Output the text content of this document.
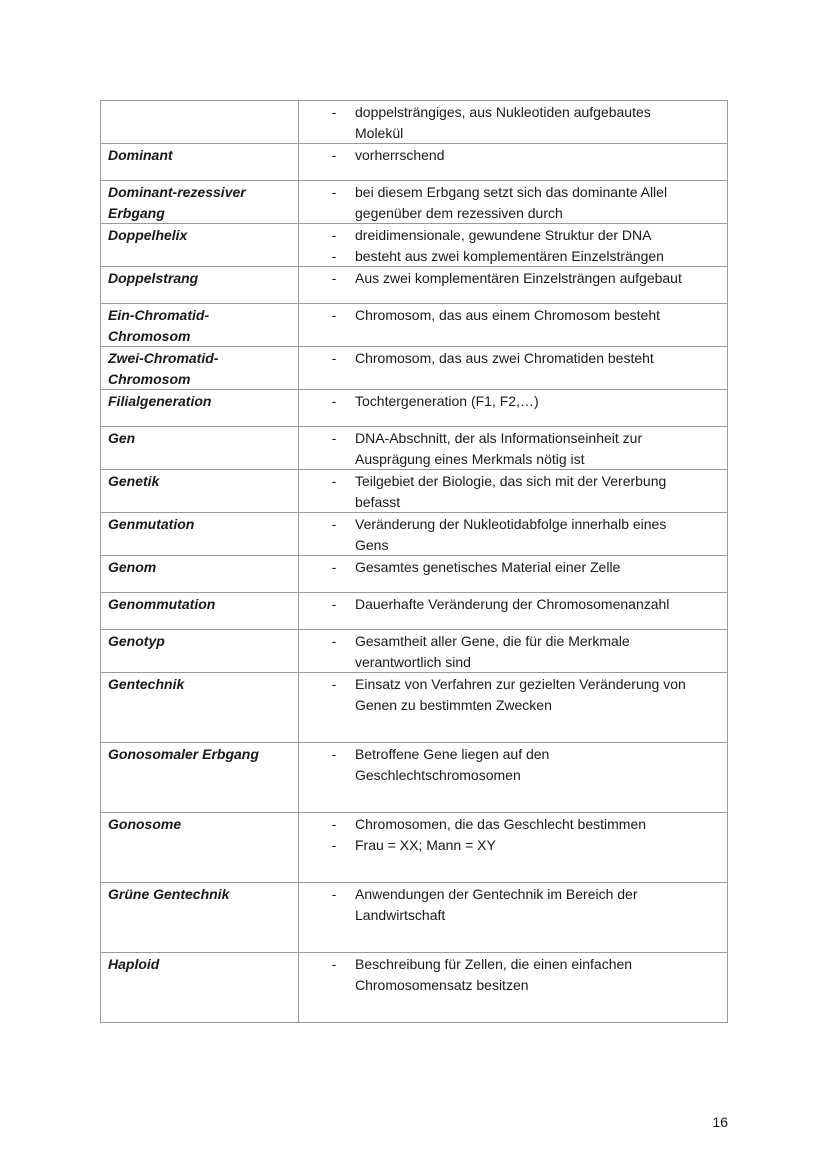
	- doppelsträngiges, aus Nukleotiden aufgebautes
Molekül

Dominant	- vorherrschend

Dominant-rezessiver
Erbgang	- bei diesem Erbgang setzt sich das dominante Allel
gegenüber dem rezessiven durch

Doppelhelix	- dreidimensionale, gewundene Struktur der DNA
- besteht aus zwei komplementären Einzelsträngen

Doppelstrang	- Aus zwei komplementären Einzelsträngen aufgebaut

Ein-Chromatid-
Chromosom	- Chromosom, das aus einem Chromosom besteht

Zwei-Chromatid-
Chromosom	- Chromosom, das aus zwei Chromatiden besteht

Filialgeneration	- Tochtergeneration (F1, F2,…)

Gen	- DNA-Abschnitt, der als Informationseinheit zur
Ausprägung eines Merkmals nötig ist

Genetik	- Teilgebiet der Biologie, das sich mit der Vererbung
befasst

Genmutation	- Veränderung der Nukleotidabfolge innerhalb eines
Gens

Genom	- Gesamtes genetisches Material einer Zelle

Genommutation	- Dauerhafte Veränderung der Chromosomenanzahl

Genotyp	- Gesamtheit aller Gene, die für die Merkmale
verantwortlich sind

Gentechnik	- Einsatz von Verfahren zur gezielten Veränderung von
Genen zu bestimmten Zwecken

Gonosomaler Erbgang	- Betroffene Gene liegen auf den
Geschlechtschromosomen

Gonosome	- Chromosomen, die das Geschlecht bestimmen
- Frau = XX; Mann = XY

Grüne Gentechnik	- Anwendungen der Gentechnik im Bereich der
Landwirtschaft

Haploid	- Beschreibung für Zellen, die einen einfachen
Chromosomensatz besitzen
16
